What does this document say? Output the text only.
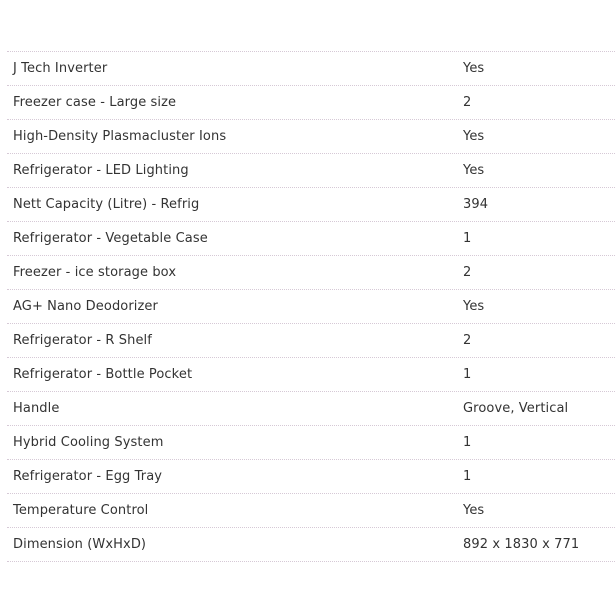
J Tech Inverter	Yes
Freezer case - Large size	2
High-Density Plasmacluster Ions	Yes
Refrigerator - LED Lighting	Yes
Nett Capacity (Litre) - Refrig	394
Refrigerator - Vegetable Case	1
Freezer - ice storage box	2
AG+ Nano Deodorizer	Yes
Refrigerator - R Shelf	2
Refrigerator - Bottle Pocket	1
Handle	Groove, Vertical
Hybrid Cooling System	1
Refrigerator - Egg Tray	1
Temperature Control	Yes
Dimension (WxHxD)	892 x 1830 x 771
